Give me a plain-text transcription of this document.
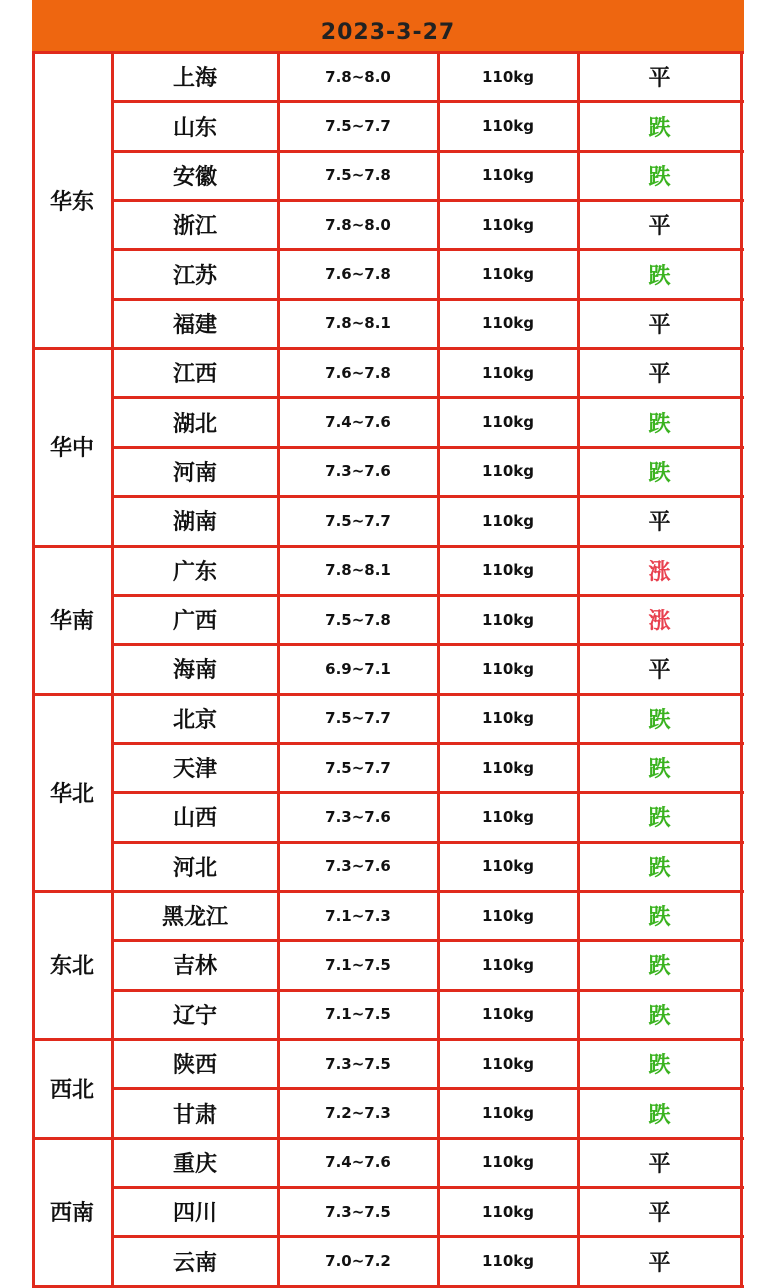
2023-3-27
华东
上海	7.8~8.0	110kg	平
山东	7.5~7.7	110kg	跌
安徽	7.5~7.8	110kg	跌
浙江	7.8~8.0	110kg	平
江苏	7.6~7.8	110kg	跌
福建	7.8~8.1	110kg	平
华中
江西	7.6~7.8	110kg	平
湖北	7.4~7.6	110kg	跌
河南	7.3~7.6	110kg	跌
湖南	7.5~7.7	110kg	平
华南
广东	7.8~8.1	110kg	涨
广西	7.5~7.8	110kg	涨
海南	6.9~7.1	110kg	平
华北
北京	7.5~7.7	110kg	跌
天津	7.5~7.7	110kg	跌
山西	7.3~7.6	110kg	跌
河北	7.3~7.6	110kg	跌
东北
黑龙江	7.1~7.3	110kg	跌
吉林	7.1~7.5	110kg	跌
辽宁	7.1~7.5	110kg	跌
西北
陕西	7.3~7.5	110kg	跌
甘肃	7.2~7.3	110kg	跌
西南
重庆	7.4~7.6	110kg	平
四川	7.3~7.5	110kg	平
云南	7.0~7.2	110kg	平
